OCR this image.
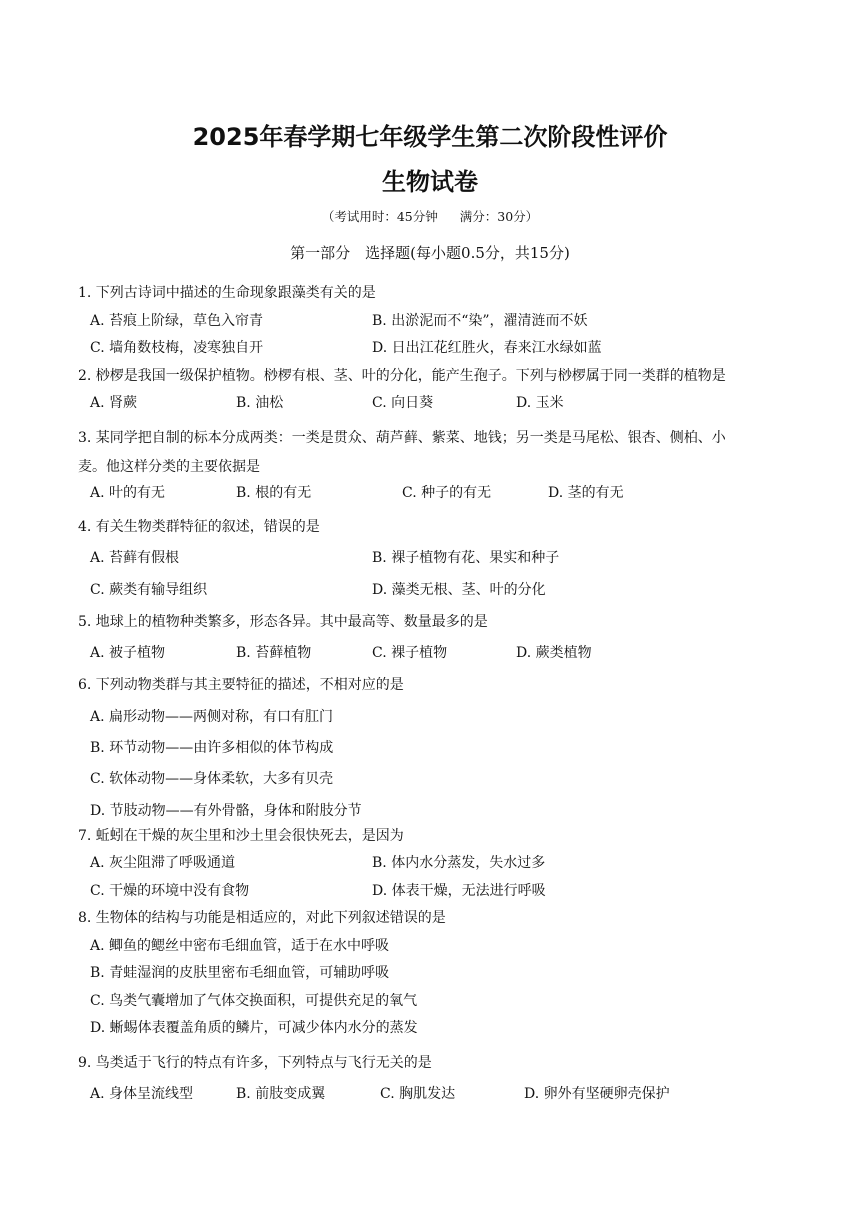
2025年春学期七年级学生第二次阶段性评价
生物试卷
（考试用时：45分钟 满分：30分）
第一部分　选择题(每小题0.5分，共15分)
1. 下列古诗词中描述的生命现象跟藻类有关的是
A. 苔痕上阶绿，草色入帘青	B. 出淤泥而不“染”，濯清涟而不妖
C. 墙角数枝梅，凌寒独自开	D. 日出江花红胜火，春来江水绿如蓝
2. 桫椤是我国一级保护植物。桫椤有根、茎、叶的分化，能产生孢子。下列与桫椤属于同一类群的植物是
A. 肾蕨	B. 油松	C. 向日葵	D. 玉米
3. 某同学把自制的标本分成两类：一类是贯众、葫芦藓、紫菜、地钱；另一类是马尾松、银杏、侧柏、小
麦。他这样分类的主要依据是
A. 叶的有无	B. 根的有无	C. 种子的有无	D. 茎的有无
4. 有关生物类群特征的叙述，错误的是
A. 苔藓有假根	B. 裸子植物有花、果实和种子
C. 蕨类有输导组织	D. 藻类无根、茎、叶的分化
5. 地球上的植物种类繁多，形态各异。其中最高等、数量最多的是
A. 被子植物	B. 苔藓植物	C. 裸子植物	D. 蕨类植物
6. 下列动物类群与其主要特征的描述，不相对应的是
A. 扁形动物——两侧对称，有口有肛门
B. 环节动物——由许多相似的体节构成
C. 软体动物——身体柔软，大多有贝壳
D. 节肢动物——有外骨骼，身体和附肢分节
7. 蚯蚓在干燥的灰尘里和沙土里会很快死去，是因为
A. 灰尘阻滞了呼吸通道	B. 体内水分蒸发，失水过多
C. 干燥的环境中没有食物	D. 体表干燥，无法进行呼吸
8. 生物体的结构与功能是相适应的，对此下列叙述错误的是
A. 鲫鱼的鳃丝中密布毛细血管，适于在水中呼吸
B. 青蛙湿润的皮肤里密布毛细血管，可辅助呼吸
C. 鸟类气囊增加了气体交换面积，可提供充足的氧气
D. 蜥蜴体表覆盖角质的鳞片，可减少体内水分的蒸发
9. 鸟类适于飞行的特点有许多，下列特点与飞行无关的是
A. 身体呈流线型	B. 前肢变成翼	C. 胸肌发达	D. 卵外有坚硬卵壳保护
